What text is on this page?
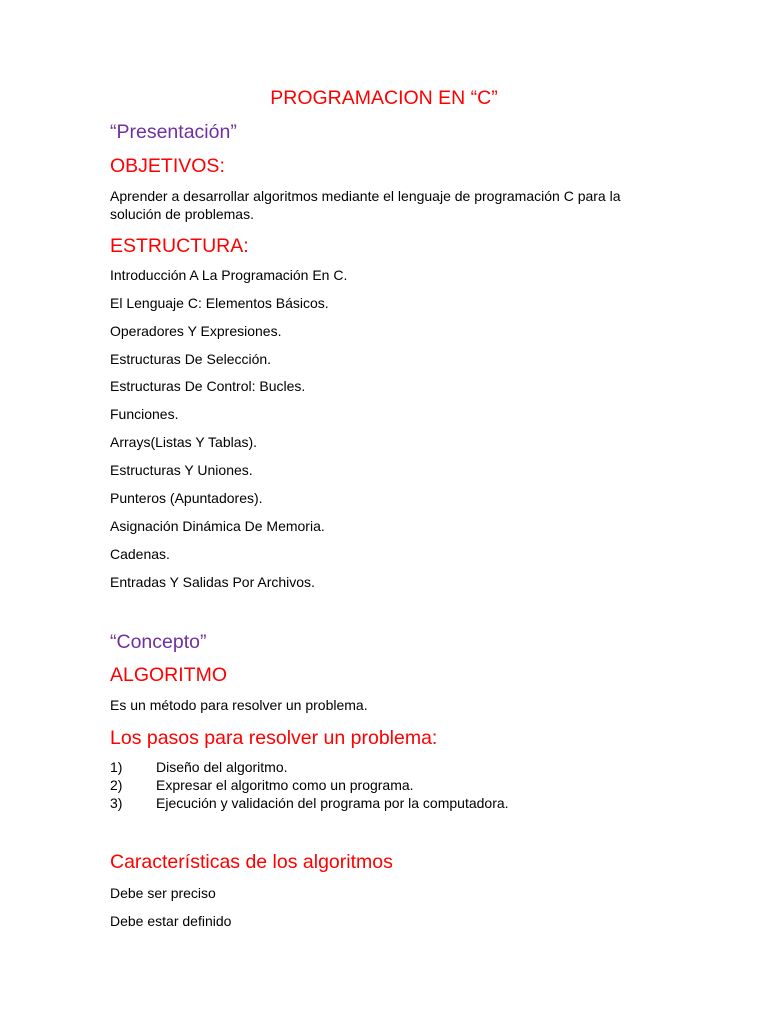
PROGRAMACION EN “C”
“Presentación”
OBJETIVOS:

Aprender a desarrollar algoritmos mediante el lenguaje de programación C para la solución de problemas.

ESTRUCTURA:

Introducción A La Programación En C.

El Lenguaje C: Elementos Básicos.

Operadores Y Expresiones.

Estructuras De Selección.

Estructuras De Control: Bucles.

Funciones.

Arrays(Listas Y Tablas).

Estructuras Y Uniones.

Punteros (Apuntadores).

Asignación Dinámica De Memoria.

Cadenas.

Entradas Y Salidas Por Archivos.

“Concepto”
ALGORITMO

Es un método para resolver un problema.

Los pasos para resolver un problema:
1)	Diseño del algoritmo.
2)	Expresar el algoritmo como un programa.
3)	Ejecución y validación del programa por la computadora.
Características de los algoritmos

Debe ser preciso

Debe estar definido
